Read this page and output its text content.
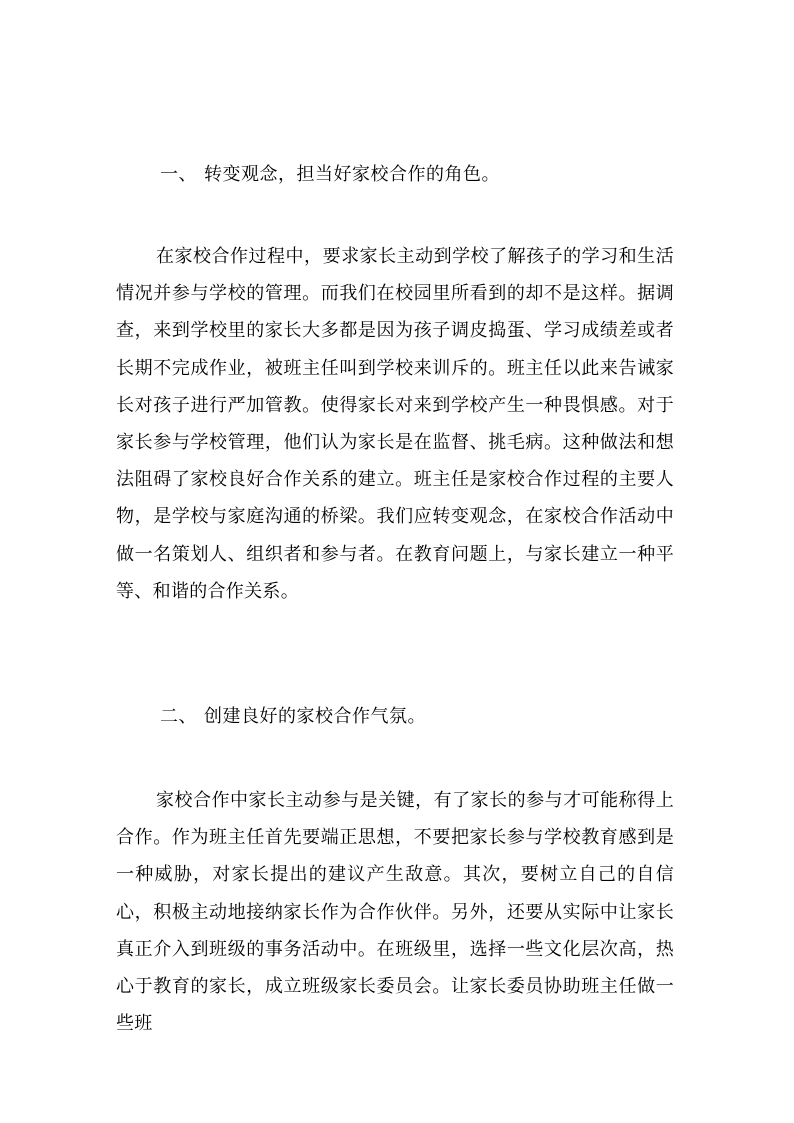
一、 转变观念，担当好家校合作的角色。

在家校合作过程中，要求家长主动到学校了解孩子的学习和生活情况并参与学校的管理。而我们在校园里所看到的却不是这样。据调查，来到学校里的家长大多都是因为孩子调皮捣蛋、学习成绩差或者长期不完成作业，被班主任叫到学校来训斥的。班主任以此来告诫家长对孩子进行严加管教。使得家长对来到学校产生一种畏惧感。对于家长参与学校管理，他们认为家长是在监督、挑毛病。这种做法和想法阻碍了家校良好合作关系的建立。班主任是家校合作过程的主要人物，是学校与家庭沟通的桥梁。我们应转变观念，在家校合作活动中做一名策划人、组织者和参与者。在教育问题上，与家长建立一种平等、和谐的合作关系。

二、 创建良好的家校合作气氛。

家校合作中家长主动参与是关键，有了家长的参与才可能称得上合作。作为班主任首先要端正思想，不要把家长参与学校教育感到是一种威胁，对家长提出的建议产生敌意。其次，要树立自己的自信心，积极主动地接纳家长作为合作伙伴。另外，还要从实际中让家长真正介入到班级的事务活动中。在班级里，选择一些文化层次高，热心于教育的家长，成立班级家长委员会。让家长委员协助班主任做一些班
